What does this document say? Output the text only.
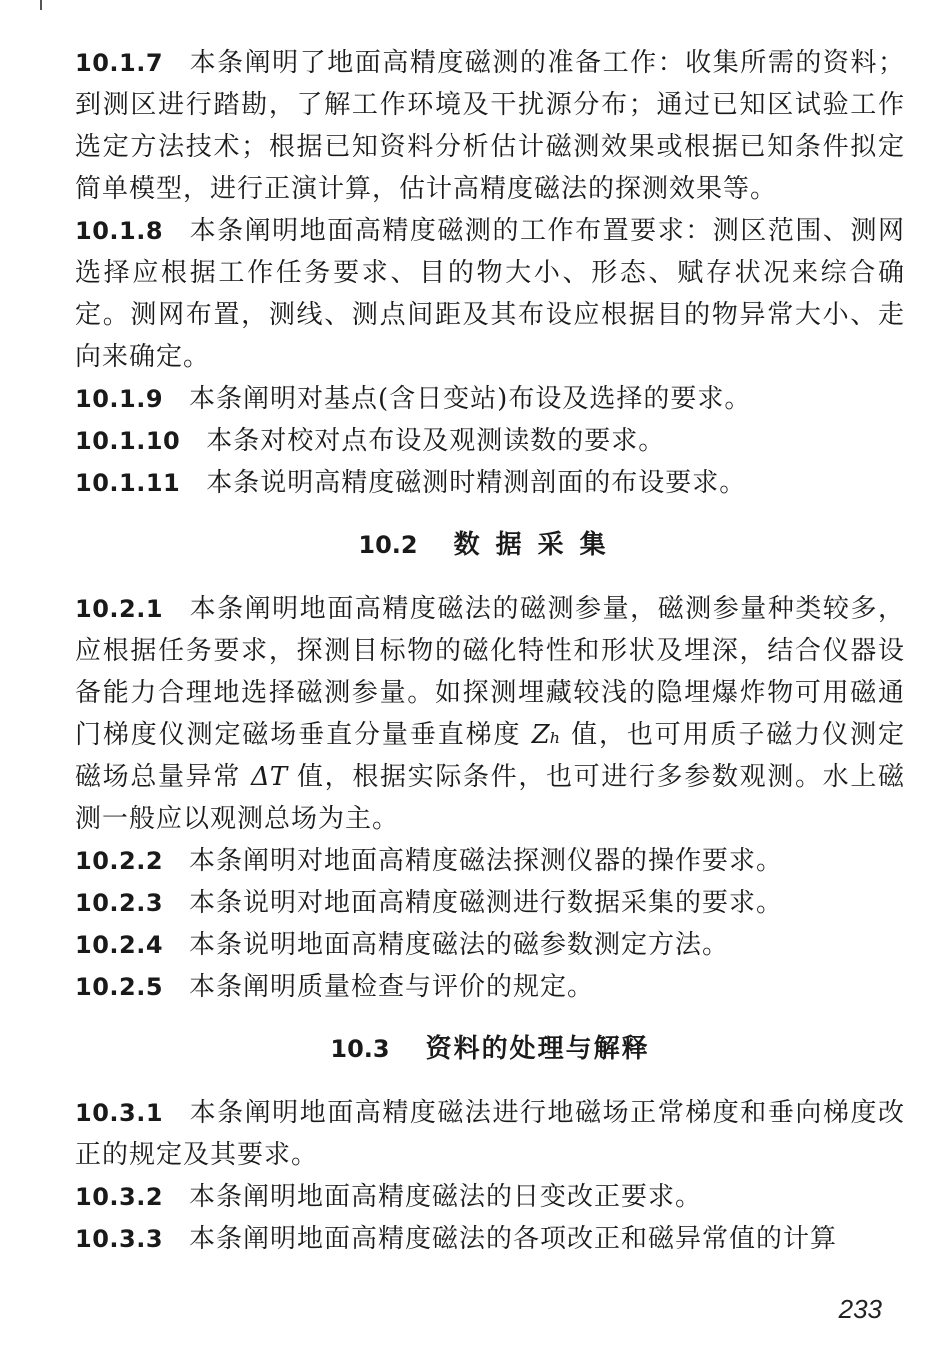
10.1.7 本条阐明了地面高精度磁测的准备工作：收集所需的资料；到测区进行踏勘，了解工作环境及干扰源分布；通过已知区试验工作选定方法技术；根据已知资料分析估计磁测效果或根据已知条件拟定简单模型，进行正演计算，估计高精度磁法的探测效果等。

10.1.8 本条阐明地面高精度磁测的工作布置要求：测区范围、测网选择应根据工作任务要求、目的物大小、形态、赋存状况来综合确定。测网布置，测线、测点间距及其布设应根据目的物异常大小、走向来确定。

10.1.9 本条阐明对基点(含日变站)布设及选择的要求。

10.1.10 本条对校对点布设及观测读数的要求。

10.1.11 本条说明高精度磁测时精测剖面的布设要求。

10.2 数据采集

10.2.1 本条阐明地面高精度磁法的磁测参量，磁测参量种类较多，应根据任务要求，探测目标物的磁化特性和形状及埋深，结合仪器设备能力合理地选择磁测参量。如探测埋藏较浅的隐埋爆炸物可用磁通门梯度仪测定磁场垂直分量垂直梯度 Zₕ 值，也可用质子磁力仪测定磁场总量异常 ΔT 值，根据实际条件，也可进行多参数观测。水上磁测一般应以观测总场为主。

10.2.2 本条阐明对地面高精度磁法探测仪器的操作要求。

10.2.3 本条说明对地面高精度磁测进行数据采集的要求。

10.2.4 本条说明地面高精度磁法的磁参数测定方法。

10.2.5 本条阐明质量检查与评价的规定。

10.3 资料的处理与解释

10.3.1 本条阐明地面高精度磁法进行地磁场正常梯度和垂向梯度改正的规定及其要求。

10.3.2 本条阐明地面高精度磁法的日变改正要求。

10.3.3 本条阐明地面高精度磁法的各项改正和磁异常值的计算

233
